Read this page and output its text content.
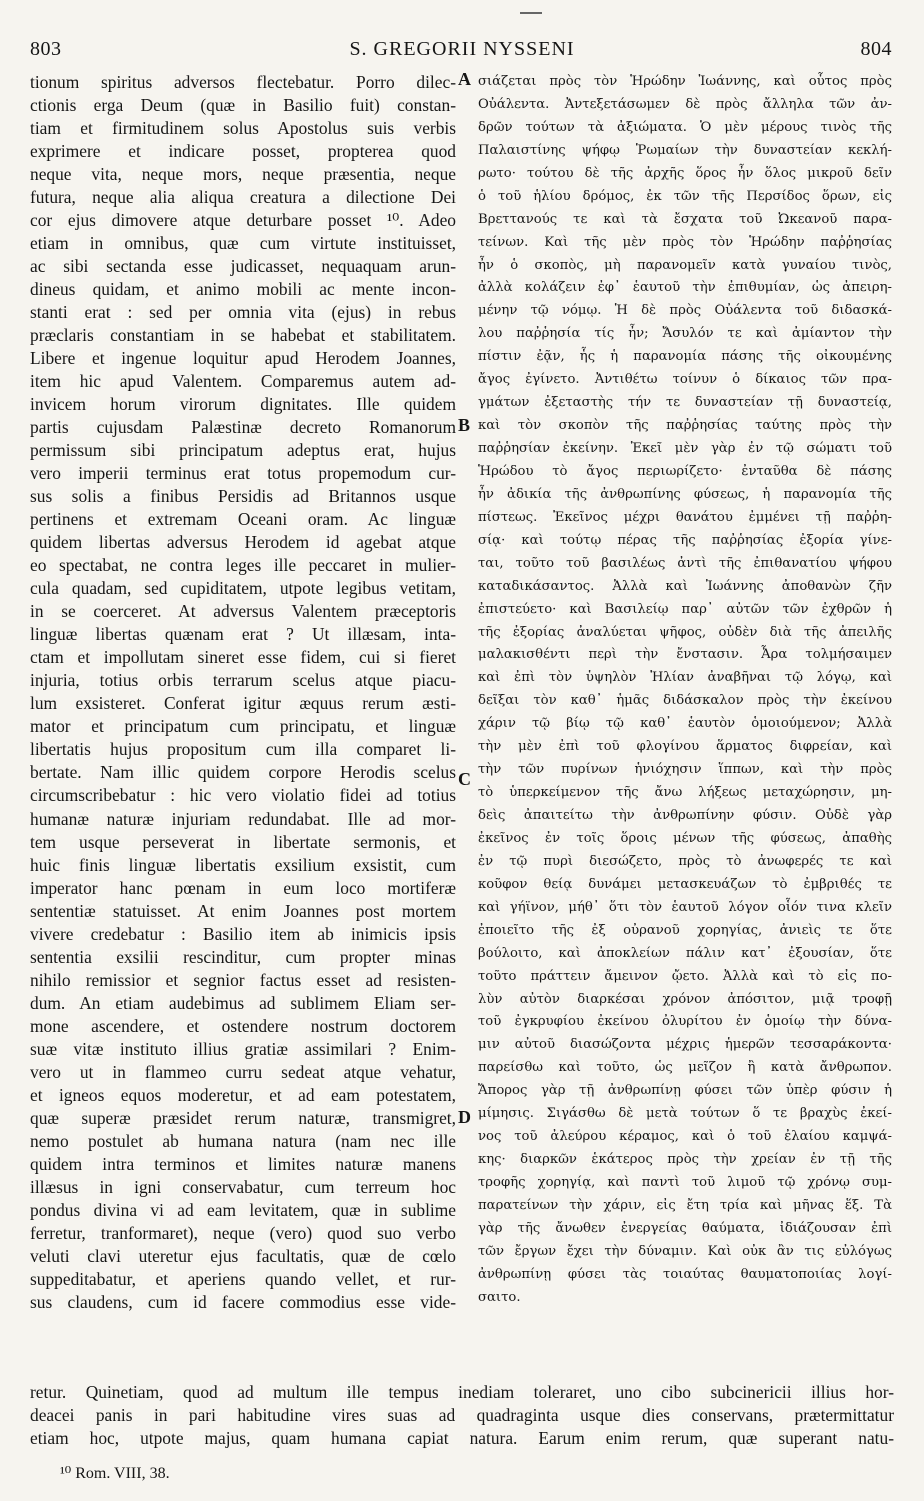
803	S. GREGORII NYSSENI	804
tionum spiritus adversos flectebatur. Porro dilec-
ctionis erga Deum (quæ in Basilio fuit) constan-
tiam et firmitudinem solus Apostolus suis verbis
exprimere et indicare posset, propterea quod
neque vita, neque mors, neque præsentia, neque
futura, neque alia aliqua creatura a dilectione Dei
cor ejus dimovere atque deturbare posset ¹⁰. Adeo
etiam in omnibus, quæ cum virtute instituisset,
ac sibi sectanda esse judicasset, nequaquam arun-
dineus quidam, et animo mobili ac mente incon-
stanti erat : sed per omnia vita (ejus) in rebus
præclaris constantiam in se habebat et stabilitatem.
Libere et ingenue loquitur apud Herodem Joannes,
item hic apud Valentem. Comparemus autem ad-
invicem horum virorum dignitates. Ille quidem
partis cujusdam Palæstinæ decreto Romanorum
permissum sibi principatum adeptus erat, hujus
vero imperii terminus erat totus propemodum cur-
sus solis a finibus Persidis ad Britannos usque
pertinens et extremam Oceani oram. Ac linguæ
quidem libertas adversus Herodem id agebat atque
eo spectabat, ne contra leges ille peccaret in mulier-
cula quadam, sed cupiditatem, utpote legibus vetitam,
in se coerceret. At adversus Valentem præceptoris
linguæ libertas quænam erat ? Ut illæsam, inta-
ctam et impollutam sineret esse fidem, cui si fieret
injuria, totius orbis terrarum scelus atque piacu-
lum exsisteret. Conferat igitur æquus rerum æsti-
mator et principatum cum principatu, et linguæ
libertatis hujus propositum cum illa comparet li-
bertate. Nam illic quidem corpore Herodis scelus
circumscribebatur : hic vero violatio fidei ad totius
humanæ naturæ injuriam redundabat. Ille ad mor-
tem usque perseverat in libertate sermonis, et
huic finis linguæ libertatis exsilium exsistit, cum
imperator hanc pœnam in eum loco mortiferæ
sententiæ statuisset. At enim Joannes post mortem
vivere credebatur : Basilio item ab inimicis ipsis
sententia exsilii rescinditur, cum propter minas
nihilo remissior et segnior factus esset ad resisten-
dum. An etiam audebimus ad sublimem Eliam ser-
mone ascendere, et ostendere nostrum doctorem
suæ vitæ instituto illius gratiæ assimilari ? Enim-
vero ut in flammeo curru sedeat atque vehatur,
et igneos equos moderetur, et ad eam potestatem,
quæ superæ præsidet rerum naturæ, transmigret,
nemo postulet ab humana natura (nam nec ille
quidem intra terminos et limites naturæ manens
illæsus in igni conservabatur, cum terreum hoc
pondus divina vi ad eam levitatem, quæ in sublime
ferretur, tranformaret), neque (vero) quod suo verbo
veluti clavi uteretur ejus facultatis, quæ de cœlo
suppeditabatur, et aperiens quando vellet, et rur-
sus claudens, cum id facere commodius esse vide-
σιάζεται πρὸς τὸν Ἡρώδην Ἰωάννης, καὶ οὗτος πρὸς
Οὐάλεντα. Ἀντεξετάσωμεν δὲ πρὸς ἄλληλα τῶν ἀν-
δρῶν τούτων τὰ ἀξιώματα. Ὁ μὲν μέρους τινὸς τῆς
Παλαιστίνης ψήφῳ Ῥωμαίων τὴν δυναστείαν κεκλή-
ρωτο· τούτου δὲ τῆς ἀρχῆς ὅρος ἦν ὅλος μικροῦ δεῖν
ὁ τοῦ ἡλίου δρόμος, ἐκ τῶν τῆς Περσίδος ὅρων, εἰς
Βρεττανούς τε καὶ τὰ ἔσχατα τοῦ Ὠκεανοῦ παρα-
τείνων. Καὶ τῆς μὲν πρὸς τὸν Ἡρώδην παῤῥησίας
ἦν ὁ σκοπὸς, μὴ παρανομεῖν κατὰ γυναίου τινὸς,
ἀλλὰ κολάζειν ἐφ᾽ ἑαυτοῦ τὴν ἐπιθυμίαν, ὡς ἀπειρη-
μένην τῷ νόμῳ. Ἡ δὲ πρὸς Οὐάλεντα τοῦ διδασκά-
λου παῤῥησία τίς ἦν; Ἄσυλόν τε καὶ ἀμίαντον τὴν
πίστιν ἐᾷν, ἧς ἡ παρανομία πάσης τῆς οἰκουμένης
ἄγος ἐγίνετο. Ἀντιθέτω τοίνυν ὁ δίκαιος τῶν πρα-
γμάτων ἐξεταστὴς τήν τε δυναστείαν τῇ δυναστείᾳ,
καὶ τὸν σκοπὸν τῆς παῤῥησίας ταύτης πρὸς τὴν
παῤῥησίαν ἐκείνην. Ἐκεῖ μὲν γὰρ ἐν τῷ σώματι τοῦ
Ἡρώδου τὸ ἄγος περιωρίζετο· ἐνταῦθα δὲ πάσης
ἦν ἀδικία τῆς ἀνθρωπίνης φύσεως, ἡ παρανομία τῆς
πίστεως. Ἐκεῖνος μέχρι θανάτου ἐμμένει τῇ παῤῥη-
σίᾳ· καὶ τούτῳ πέρας τῆς παῤῥησίας ἐξορία γίνε-
ται, τοῦτο τοῦ βασιλέως ἀντὶ τῆς ἐπιθανατίου ψήφου
καταδικάσαντος. Ἀλλὰ καὶ Ἰωάννης ἀποθανὼν ζῆν
ἐπιστεύετο· καὶ Βασιλείῳ παρ᾽ αὐτῶν τῶν ἐχθρῶν ἡ
τῆς ἐξορίας ἀναλύεται ψῆφος, οὐδὲν διὰ τῆς ἀπειλῆς
μαλακισθέντι περὶ τὴν ἔνστασιν. Ἆρα τολμήσαιμεν
καὶ ἐπὶ τὸν ὑψηλὸν Ἠλίαν ἀναβῆναι τῷ λόγῳ, καὶ
δεῖξαι τὸν καθ᾽ ἡμᾶς διδάσκαλον πρὸς τὴν ἐκείνου
χάριν τῷ βίῳ τῷ καθ᾽ ἑαυτὸν ὁμοιούμενον; Ἀλλὰ
τὴν μὲν ἐπὶ τοῦ φλογίνου ἅρματος διφρείαν, καὶ
τὴν τῶν πυρίνων ἡνιόχησιν ἵππων, καὶ τὴν πρὸς
τὸ ὑπερκείμενον τῆς ἄνω λήξεως μεταχώρησιν, μη-
δεὶς ἀπαιτείτω τὴν ἀνθρωπίνην φύσιν. Οὐδὲ γὰρ
ἐκεῖνος ἐν τοῖς ὅροις μένων τῆς φύσεως, ἀπαθὴς
ἐν τῷ πυρὶ διεσώζετο, πρὸς τὸ ἀνωφερές τε καὶ
κοῦφον θείᾳ δυνάμει μετασκευάζων τὸ ἐμβριθές τε
καὶ γήϊνον, μήθ᾽ ὅτι τὸν ἑαυτοῦ λόγον οἷόν τινα κλεῖν
ἐποιεῖτο τῆς ἐξ οὐρανοῦ χορηγίας, ἀνιεὶς τε ὅτε
βούλοιτο, καὶ ἀποκλείων πάλιν κατ᾽ ἐξουσίαν, ὅτε
τοῦτο πράττειν ἄμεινον ᾤετο. Ἀλλὰ καὶ τὸ εἰς πο-
λὺν αὐτὸν διαρκέσαι χρόνον ἀπόσιτον, μιᾷ τροφῇ
τοῦ ἐγκρυφίου ἐκείνου ὀλυρίτου ἐν ὁμοίῳ τὴν δύνα-
μιν αὐτοῦ διασώζοντα μέχρις ἡμερῶν τεσσαράκοντα·
παρείσθω καὶ τοῦτο, ὡς μεῖζον ἢ κατὰ ἄνθρωπον.
Ἄπορος γὰρ τῇ ἀνθρωπίνῃ φύσει τῶν ὑπὲρ φύσιν ἡ
μίμησις. Σιγάσθω δὲ μετὰ τούτων ὅ τε βραχὺς ἐκεί-
νος τοῦ ἀλεύρου κέραμος, καὶ ὁ τοῦ ἐλαίου καμψά-
κης· διαρκῶν ἑκάτερος πρὸς τὴν χρείαν ἐν τῇ τῆς
τροφῆς χορηγίᾳ, καὶ παντὶ τοῦ λιμοῦ τῷ χρόνῳ συμ-
παρατείνων τὴν χάριν, εἰς ἔτη τρία καὶ μῆνας ἕξ. Τὰ
γὰρ τῆς ἄνωθεν ἐνεργείας θαύματα, ἰδιάζουσαν ἐπὶ
τῶν ἔργων ἔχει τὴν δύναμιν. Καὶ οὐκ ἂν τις εὐλόγως
ἀνθρωπίνῃ φύσει τὰς τοιαύτας θαυματοποιίας λογί-
σαιτο.
A
B
C
D
retur. Quinetiam, quod ad multum ille tempus inediam toleraret, uno cibo subcinericii illius hor-
deacei panis in pari habitudine vires suas ad quadraginta usque dies conservans, prætermittatur
etiam hoc, utpote majus, quam humana capiat natura. Earum enim rerum, quæ superant natu-
¹⁰ Rom. VIII, 38.
